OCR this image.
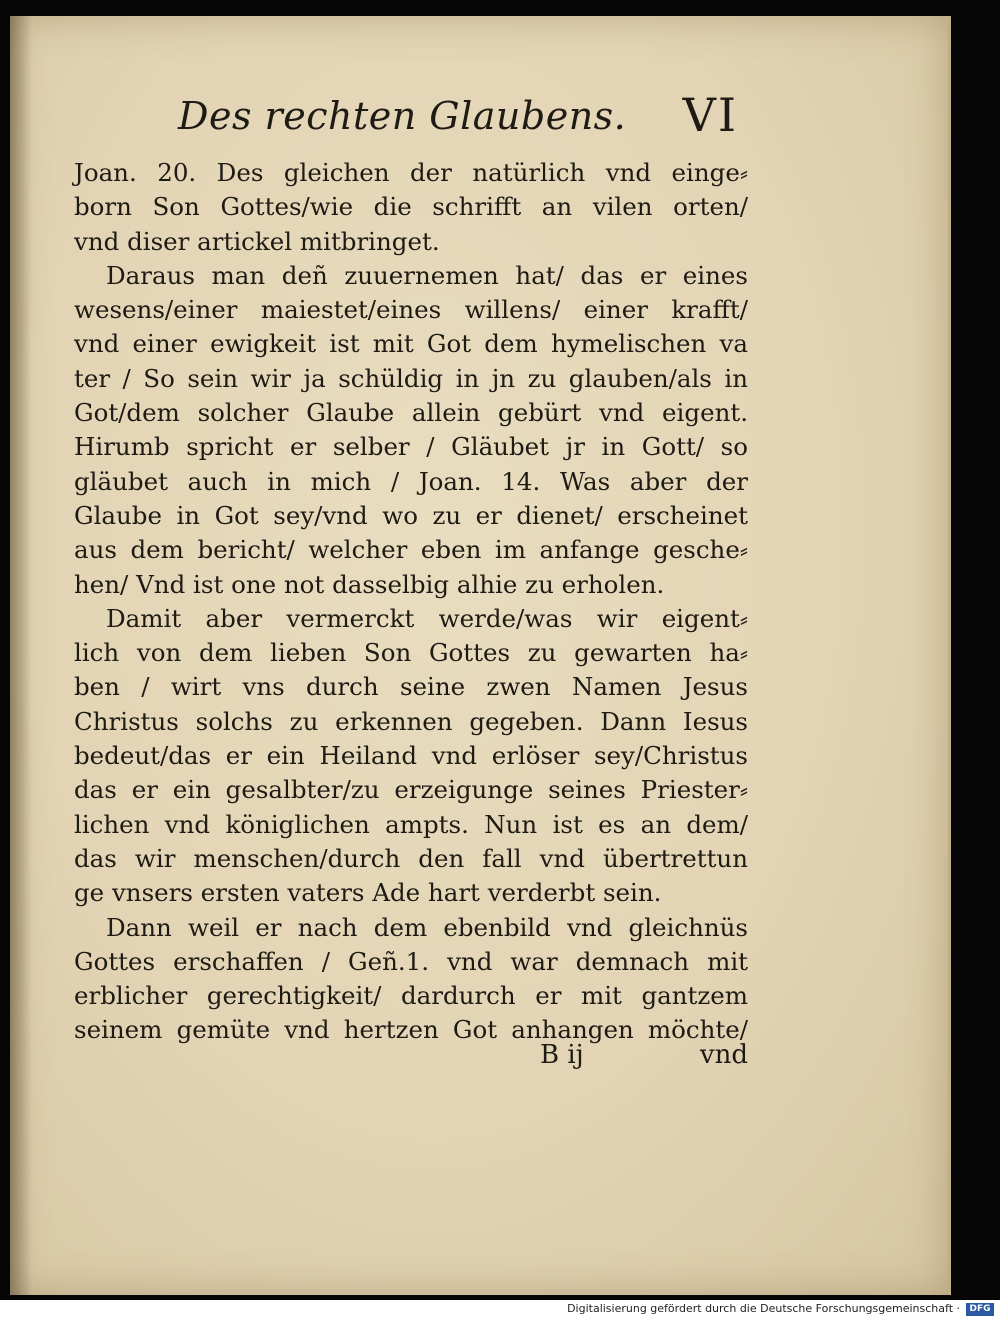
Des rechten Glaubens. VI
Joan. 20. Des gleichen der natürlich vnd einge⸗
born Son Gottes/wie die schrifft an vilen orten/
vnd diser artickel mitbringet.
Daraus man deñ zuuernemen hat/ das er eines
wesens/einer maiestet/eines willens/ einer krafft/
vnd einer ewigkeit ist mit Got dem hymelischen va
ter / So sein wir ja schüldig in jn zu glauben/als in
Got/dem solcher Glaube allein gebürt vnd eigent.
Hirumb spricht er selber / Gläubet jr in Gott/ so
gläubet auch in mich / Joan. 14. Was aber der
Glaube in Got sey/vnd wo zu er dienet/ erscheinet
aus dem bericht/ welcher eben im anfange gesche⸗
hen/ Vnd ist one not dasselbig alhie zu erholen.
Damit aber vermerckt werde/was wir eigent⸗
lich von dem lieben Son Gottes zu gewarten ha⸗
ben / wirt vns durch seine zwen Namen Jesus
Christus solchs zu erkennen gegeben. Dann Iesus
bedeut/das er ein Heiland vnd erlöser sey/Christus
das er ein gesalbter/zu erzeigunge seines Priester⸗
lichen vnd königlichen ampts. Nun ist es an dem/
das wir menschen/durch den fall vnd übertrettun
ge vnsers ersten vaters Ade hart verderbt sein.
Dann weil er nach dem ebenbild vnd gleichnüs
Gottes erschaffen / Geñ.1. vnd war demnach mit
erblicher gerechtigkeit/ dardurch er mit gantzem
seinem gemüte vnd hertzen Got anhangen möchte/
B ij	vnd
Digitalisierung gefördert durch die Deutsche Forschungsgemeinschaft ·	DFG
